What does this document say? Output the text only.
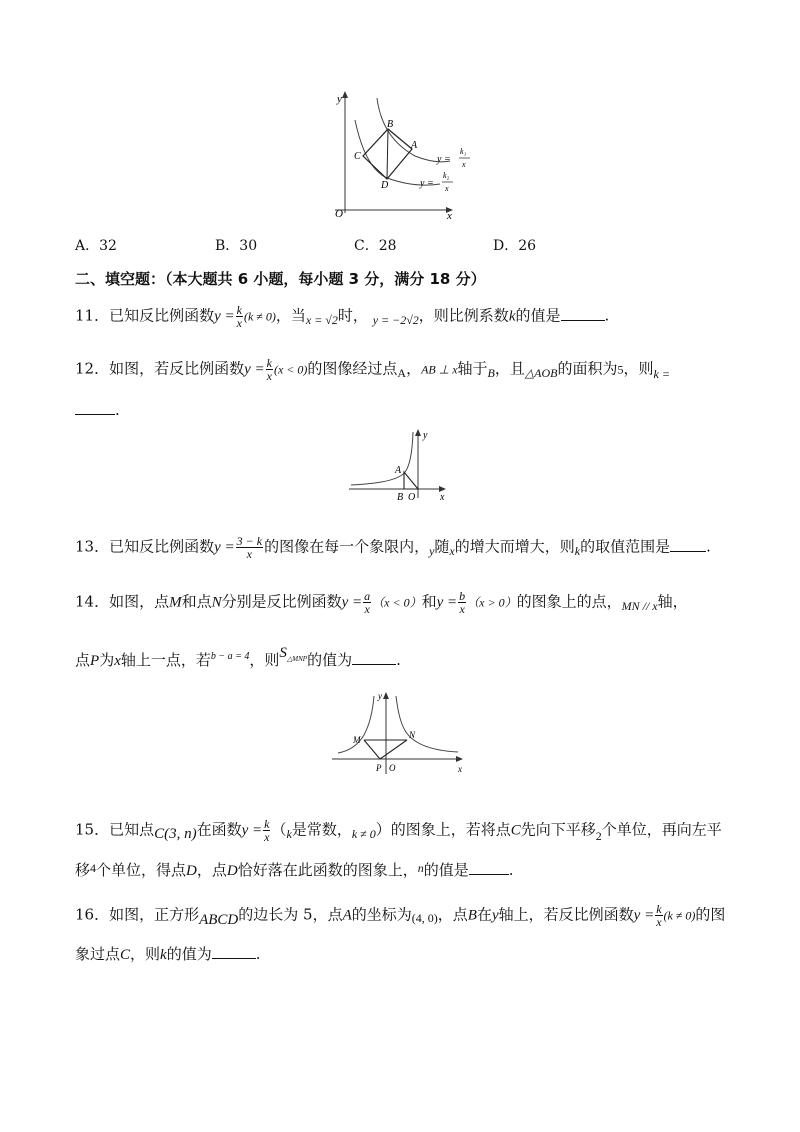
y
O	x
B
C
A
D
y =
k₁
x
y =
k₂
x
A．32	B．30	C．28	D．26
二、填空题：（本大题共 6 小题，每小题 3 分，满分 18 分）
11．已知反比例函数$y = \frac{k}{x} (k \ne 0)$，当$_{x = √2}$时， $_{y = -2√2}$，则比例系数k的值是	.
12．如图，若反比例函数$y = \frac{k}{x} (x < 0)$的图像经过点$_A$，AB ⊥ x轴于$_B$，且$_{\triangle AOB}$的面积为5，则$_{k =}$
.
y
x
A
B O
13．已知反比例函数$y = \frac{3 - k}{x}$ 的图像在每一个象限内，$_y$随$_x$的增大而增大，则$_k$的取值范围是 .
14．如图，点M和点N分别是反比例函数$y = \frac{a}{x} (x < 0)$和$y = \frac{b}{x} (x > 0)$的图象上的点，$_{MN // x}$轴，
点P为x轴上一点，若$^{b - a = 4}$，则$S_{\triangle MNP}$的值为	.
y
x
M	N
P O
15．已知点C(3, n)在函数$y = \frac{k}{x} (_k$是常数，$_{k \ne 0}$）的图象上，若将点C先向下平移$_2$个单位，再向左平
移$^4$个单位，得点D，点D恰好落在此函数的图象上，$^n$的值是	.
16．如图，正方形ABCD的边长为 5，点A的坐标为(4, 0)，点B在y轴上，若反比例函数$y = \frac{k}{x} (k \ne 0)$的图
象过点C，则k的值为	.
